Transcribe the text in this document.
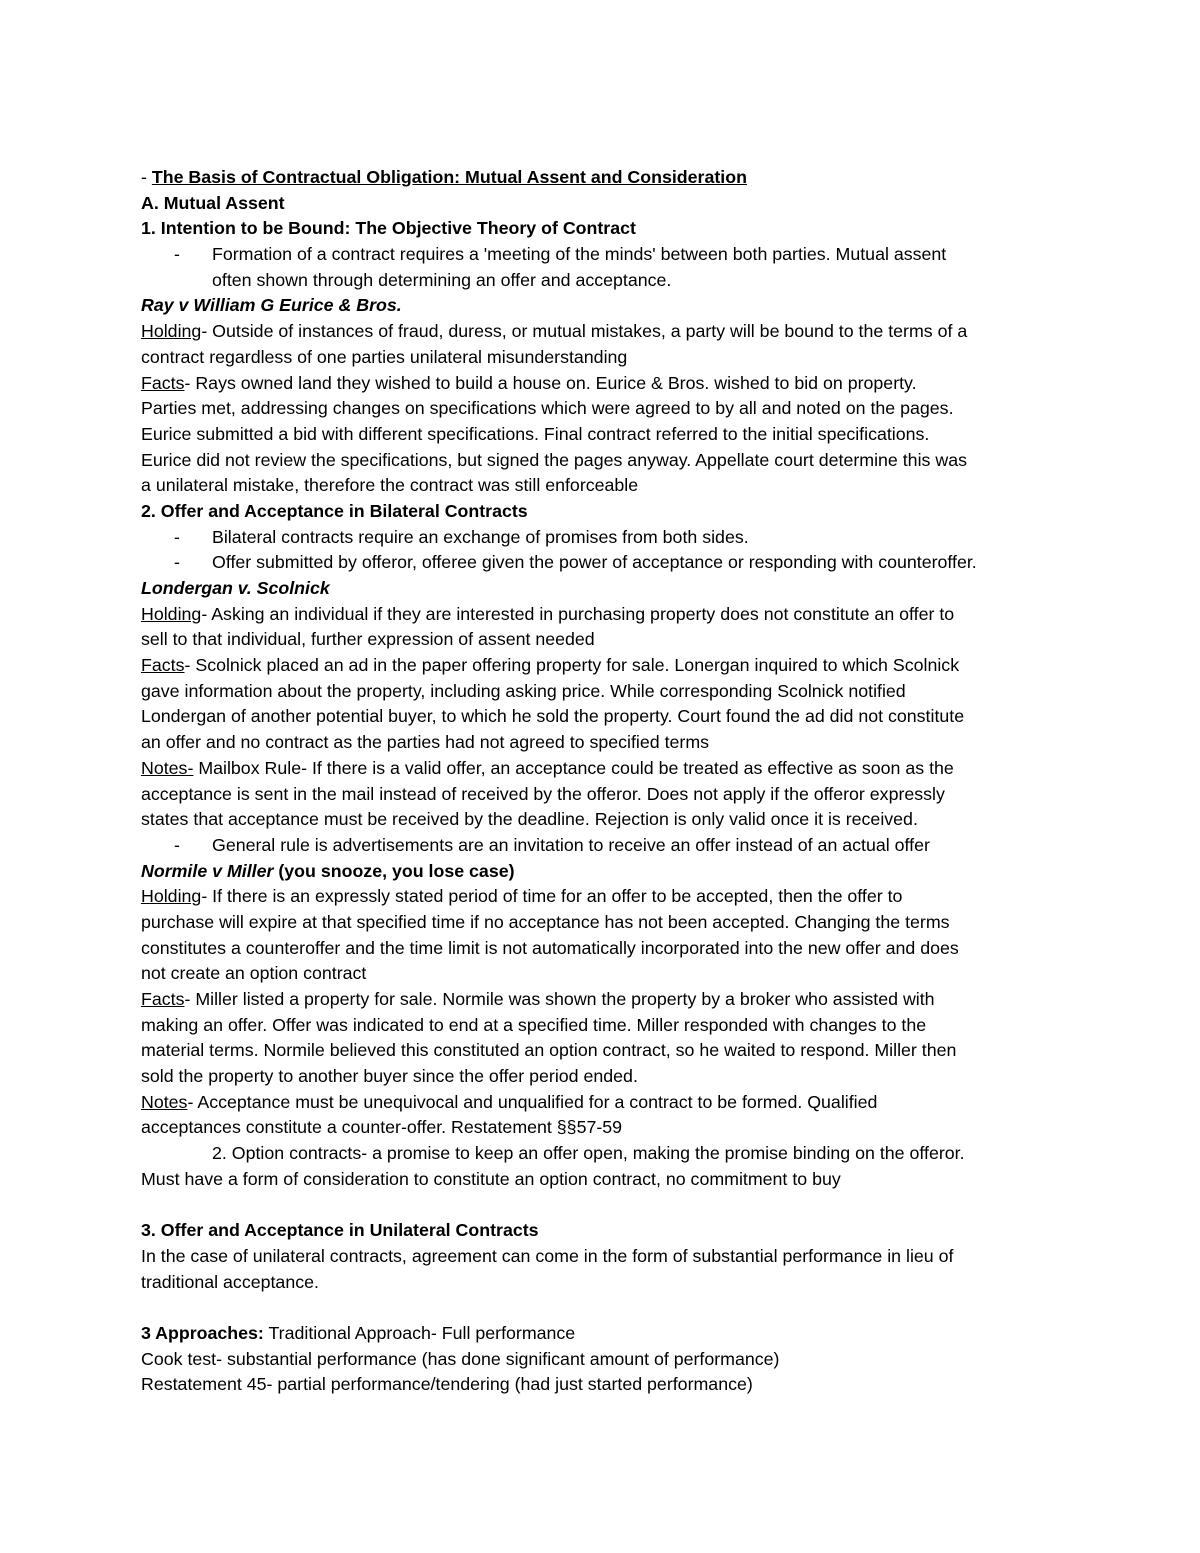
- The Basis of Contractual Obligation: Mutual Assent and Consideration
A. Mutual Assent
1. Intention to be Bound: The Objective Theory of Contract
- Formation of a contract requires a 'meeting of the minds' between both parties. Mutual assent
often shown through determining an offer and acceptance.
Ray v William G Eurice & Bros.
Holding- Outside of instances of fraud, duress, or mutual mistakes, a party will be bound to the terms of a
contract regardless of one parties unilateral misunderstanding
Facts- Rays owned land they wished to build a house on. Eurice & Bros. wished to bid on property.
Parties met, addressing changes on specifications which were agreed to by all and noted on the pages.
Eurice submitted a bid with different specifications. Final contract referred to the initial specifications.
Eurice did not review the specifications, but signed the pages anyway. Appellate court determine this was
a unilateral mistake, therefore the contract was still enforceable
2. Offer and Acceptance in Bilateral Contracts
- Bilateral contracts require an exchange of promises from both sides.
- Offer submitted by offeror, offeree given the power of acceptance or responding with counteroffer.
Londergan v. Scolnick
Holding- Asking an individual if they are interested in purchasing property does not constitute an offer to
sell to that individual, further expression of assent needed
Facts- Scolnick placed an ad in the paper offering property for sale. Lonergan inquired to which Scolnick
gave information about the property, including asking price. While corresponding Scolnick notified
Londergan of another potential buyer, to which he sold the property. Court found the ad did not constitute
an offer and no contract as the parties had not agreed to specified terms
Notes- Mailbox Rule- If there is a valid offer, an acceptance could be treated as effective as soon as the
acceptance is sent in the mail instead of received by the offeror. Does not apply if the offeror expressly
states that acceptance must be received by the deadline. Rejection is only valid once it is received.
- General rule is advertisements are an invitation to receive an offer instead of an actual offer
Normile v Miller (you snooze, you lose case)
Holding- If there is an expressly stated period of time for an offer to be accepted, then the offer to
purchase will expire at that specified time if no acceptance has not been accepted. Changing the terms
constitutes a counteroffer and the time limit is not automatically incorporated into the new offer and does
not create an option contract
Facts- Miller listed a property for sale. Normile was shown the property by a broker who assisted with
making an offer. Offer was indicated to end at a specified time. Miller responded with changes to the
material terms. Normile believed this constituted an option contract, so he waited to respond. Miller then
sold the property to another buyer since the offer period ended.
Notes- Acceptance must be unequivocal and unqualified for a contract to be formed. Qualified
acceptances constitute a counter-offer. Restatement §§57-59
2. Option contracts- a promise to keep an offer open, making the promise binding on the offeror.
Must have a form of consideration to constitute an option contract, no commitment to buy
3. Offer and Acceptance in Unilateral Contracts
In the case of unilateral contracts, agreement can come in the form of substantial performance in lieu of
traditional acceptance.
3 Approaches: Traditional Approach- Full performance
Cook test- substantial performance (has done significant amount of performance)
Restatement 45- partial performance/tendering (had just started performance)
